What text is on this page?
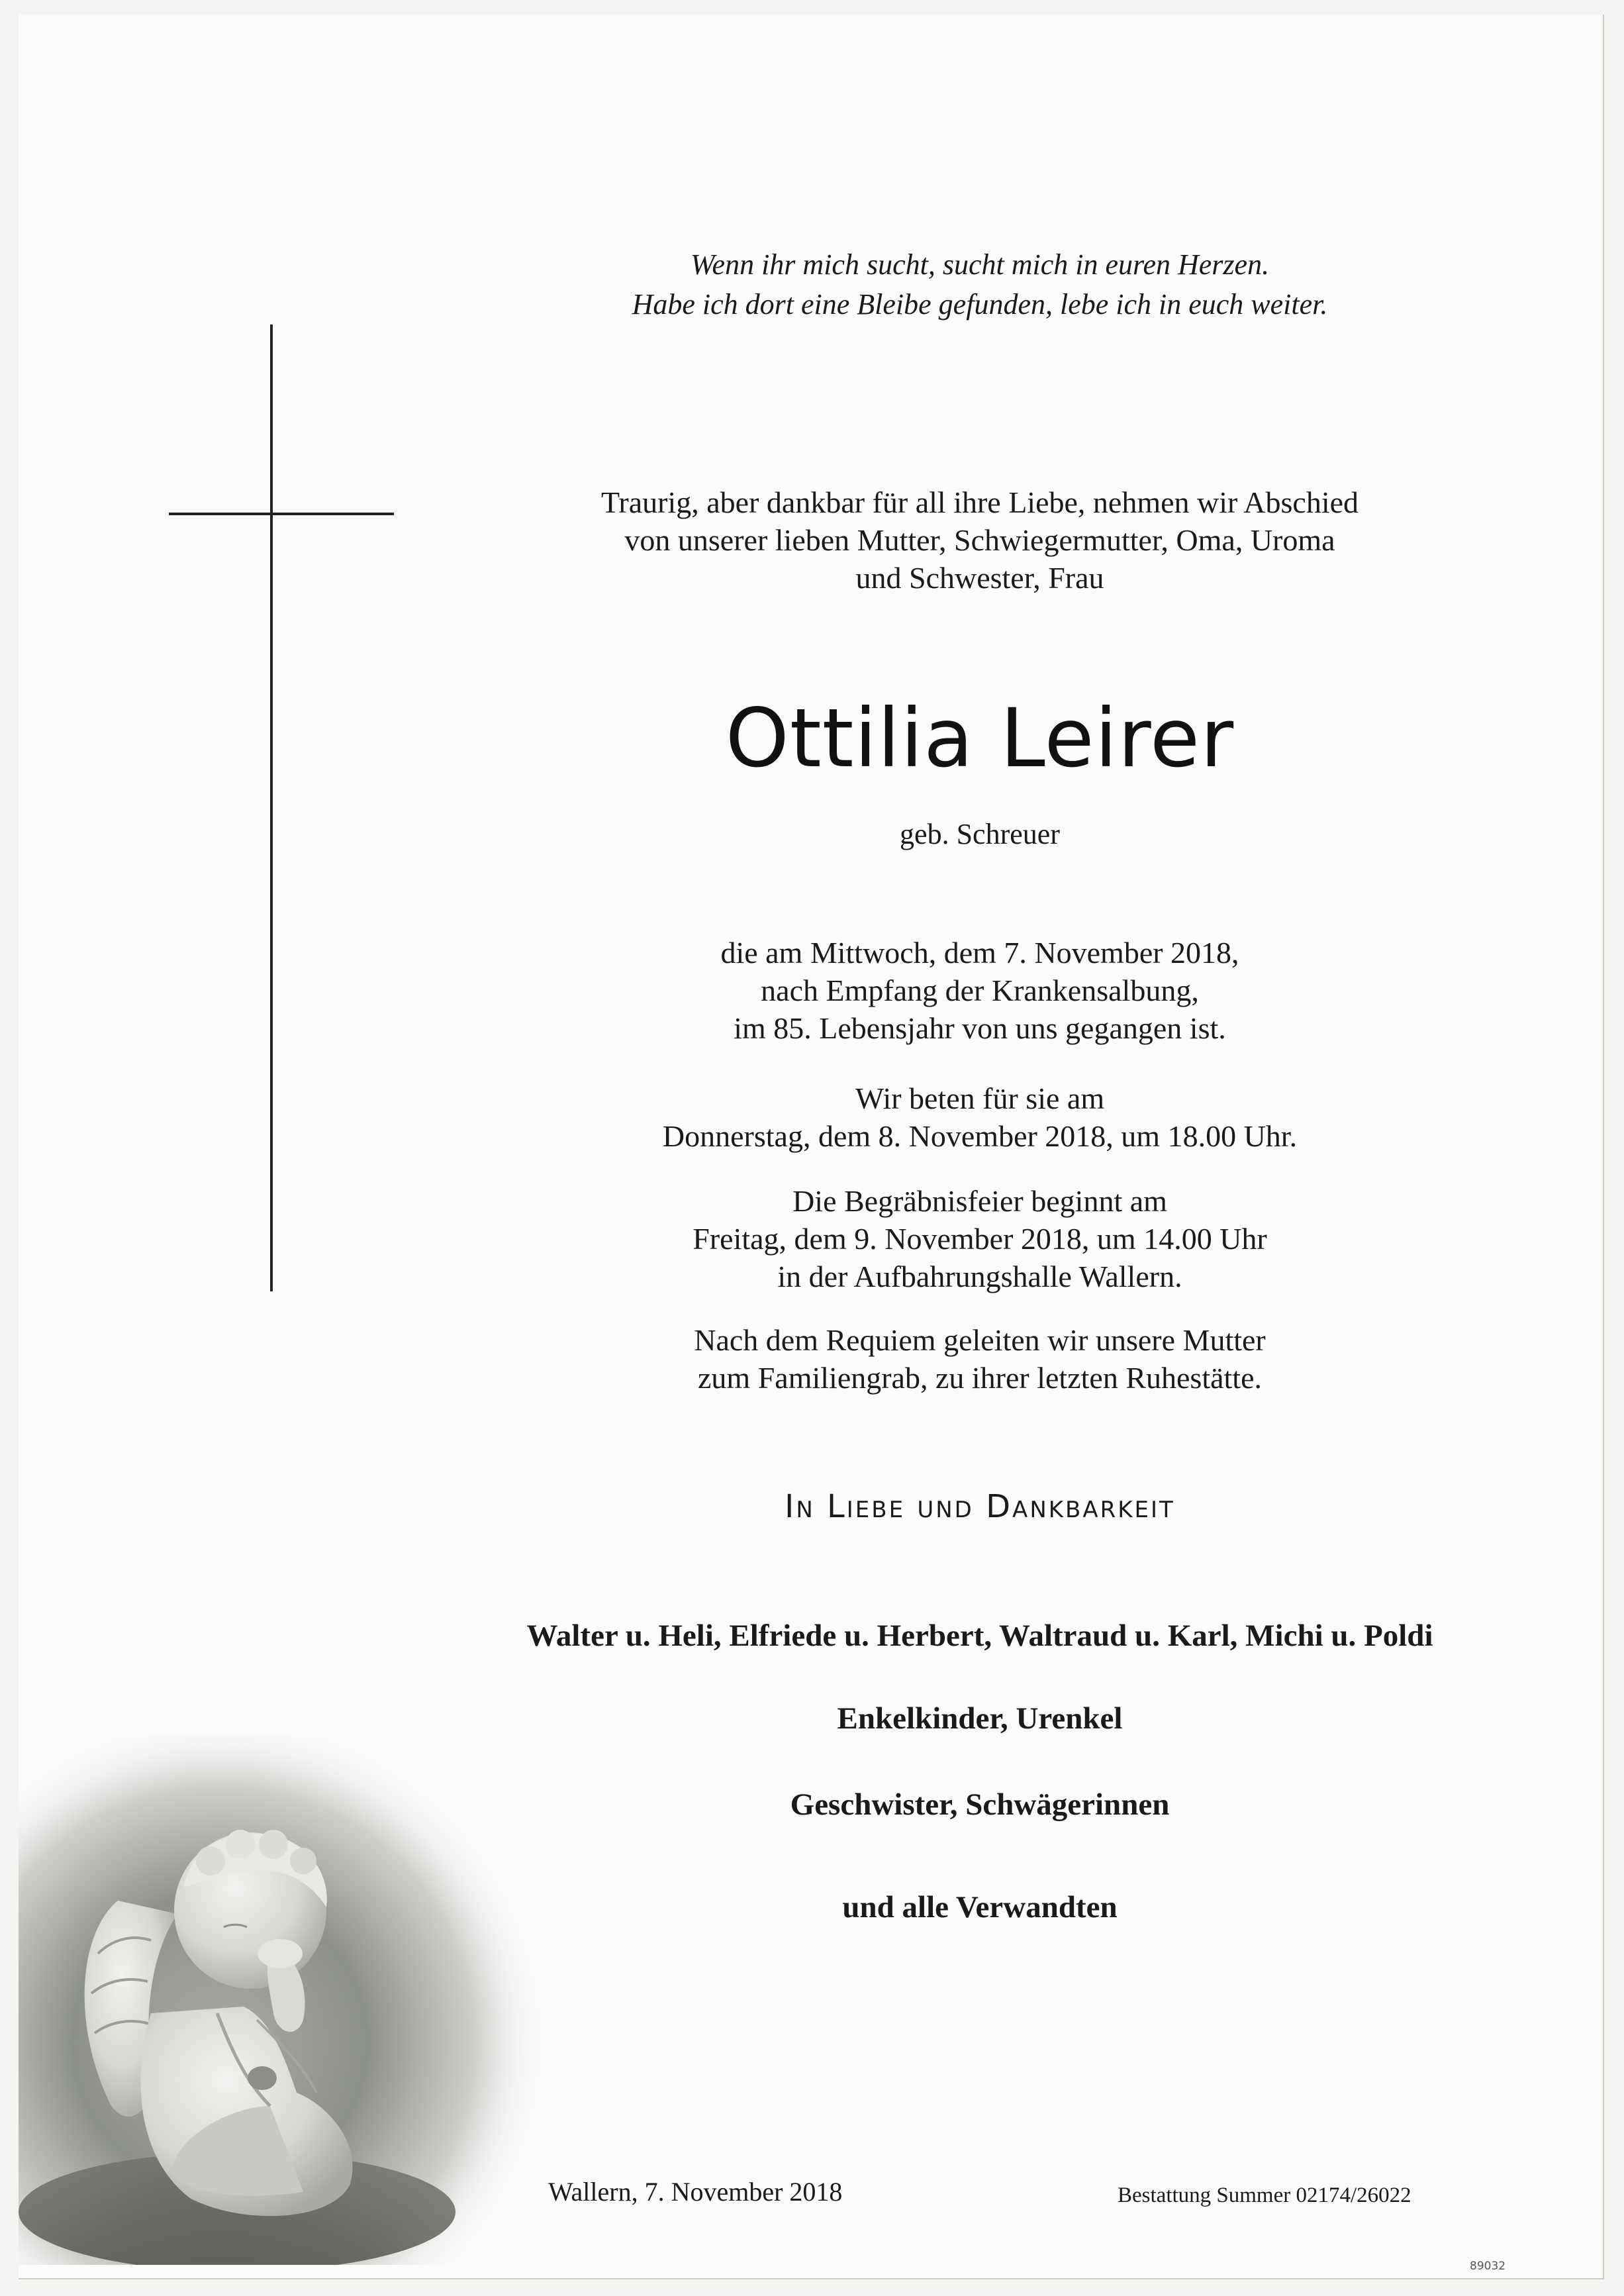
Wenn ihr mich sucht, sucht mich in euren Herzen.
Habe ich dort eine Bleibe gefunden, lebe ich in euch weiter.
Traurig, aber dankbar für all ihre Liebe, nehmen wir Abschied
von unserer lieben Mutter, Schwiegermutter, Oma, Uroma
und Schwester, Frau
Ottilia Leirer
geb. Schreuer
die am Mittwoch, dem 7. November 2018,
nach Empfang der Krankensalbung,
im 85. Lebensjahr von uns gegangen ist.
Wir beten für sie am
Donnerstag, dem 8. November 2018, um 18.00 Uhr.
Die Begräbnisfeier beginnt am
Freitag, dem 9. November 2018, um 14.00 Uhr
in der Aufbahrungshalle Wallern.
Nach dem Requiem geleiten wir unsere Mutter
zum Familiengrab, zu ihrer letzten Ruhestätte.
In Liebe und Dankbarkeit
Walter u. Heli, Elfriede u. Herbert, Waltraud u. Karl, Michi u. Poldi
Enkelkinder, Urenkel
Geschwister, Schwägerinnen
und alle Verwandten
Wallern, 7. November 2018	Bestattung Summer 02174/26022
89032
